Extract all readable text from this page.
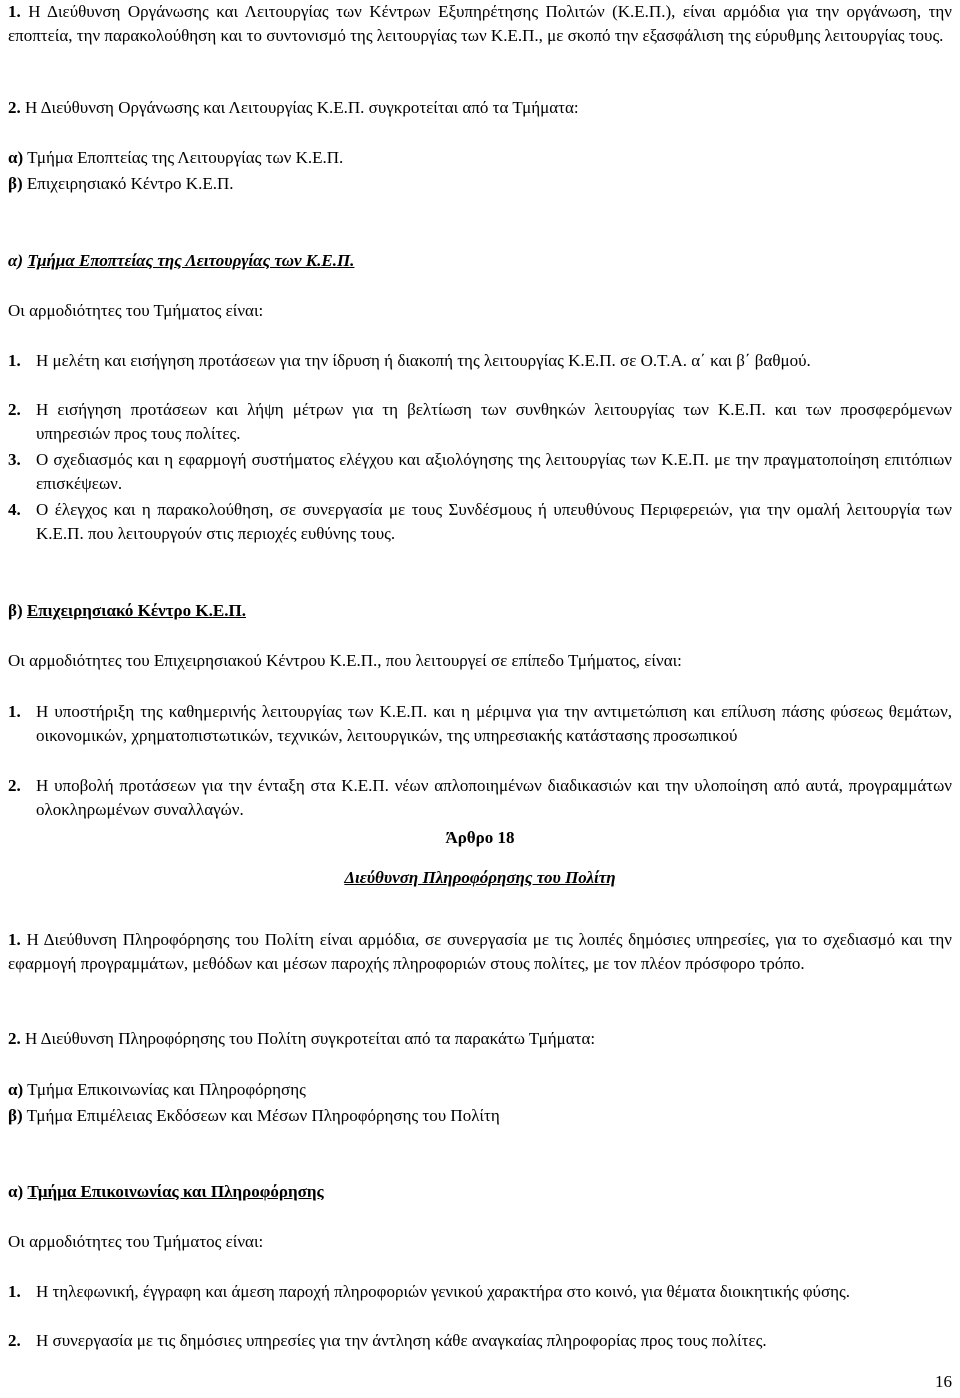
1. Η Διεύθυνση Οργάνωσης και Λειτουργίας των Κέντρων Εξυπηρέτησης Πολιτών (Κ.Ε.Π.), είναι αρμόδια για την οργάνωση, την εποπτεία, την παρακολούθηση και το συντονισμό της λειτουργίας των Κ.Ε.Π., με σκοπό την εξασφάλιση της εύρυθμης λειτουργίας τους.

2. Η Διεύθυνση Οργάνωσης και Λειτουργίας Κ.Ε.Π. συγκροτείται από τα Τμήματα:

α) Τμήμα Εποπτείας της Λειτουργίας των Κ.Ε.Π.

β) Επιχειρησιακό Κέντρο Κ.Ε.Π.

α) Τμήμα Εποπτείας της Λειτουργίας των Κ.Ε.Π.

Οι αρμοδιότητες του Τμήματος είναι:

1. Η μελέτη και εισήγηση προτάσεων για την ίδρυση ή διακοπή της λειτουργίας Κ.Ε.Π. σε Ο.Τ.Α. α΄ και β΄ βαθμού.

2. Η εισήγηση προτάσεων και λήψη μέτρων για τη βελτίωση των συνθηκών λειτουργίας των Κ.Ε.Π. και των προσφερόμενων υπηρεσιών προς τους πολίτες.

3. Ο σχεδιασμός και η εφαρμογή συστήματος ελέγχου και αξιολόγησης της λειτουργίας των Κ.Ε.Π. με την πραγματοποίηση επιτόπιων επισκέψεων.

4. Ο έλεγχος και η παρακολούθηση, σε συνεργασία με τους Συνδέσμους ή υπευθύνους Περιφερειών, για την ομαλή λειτουργία των Κ.Ε.Π. που λειτουργούν στις περιοχές ευθύνης τους.

β) Επιχειρησιακό Κέντρο Κ.Ε.Π.

Οι αρμοδιότητες του Επιχειρησιακού Κέντρου Κ.Ε.Π., που λειτουργεί σε επίπεδο Τμήματος, είναι:

1. Η υποστήριξη της καθημερινής λειτουργίας των Κ.Ε.Π. και η μέριμνα για την αντιμετώπιση και επίλυση πάσης φύσεως θεμάτων, οικονομικών, χρηματοπιστωτικών, τεχνικών, λειτουργικών, της υπηρεσιακής κατάστασης προσωπικού

2. Η υποβολή προτάσεων για την ένταξη στα Κ.Ε.Π. νέων απλοποιημένων διαδικασιών και την υλοποίηση από αυτά, προγραμμάτων ολοκληρωμένων συναλλαγών.

Άρθρο 18

Διεύθυνση Πληροφόρησης του Πολίτη

1. Η Διεύθυνση Πληροφόρησης του Πολίτη είναι αρμόδια, σε συνεργασία με τις λοιπές δημόσιες υπηρεσίες, για το σχεδιασμό και την εφαρμογή προγραμμάτων, μεθόδων και μέσων παροχής πληροφοριών στους πολίτες, με τον πλέον πρόσφορο τρόπο.

2. Η Διεύθυνση Πληροφόρησης του Πολίτη συγκροτείται από τα παρακάτω Τμήματα:

α) Τμήμα Επικοινωνίας και Πληροφόρησης

β) Τμήμα Επιμέλειας Εκδόσεων και Μέσων Πληροφόρησης του Πολίτη

α) Τμήμα Επικοινωνίας και Πληροφόρησης

Οι αρμοδιότητες του Τμήματος είναι:

1. Η τηλεφωνική, έγγραφη και άμεση παροχή πληροφοριών γενικού χαρακτήρα στο κοινό, για θέματα διοικητικής φύσης.

2. Η συνεργασία με τις δημόσιες υπηρεσίες για την άντληση κάθε αναγκαίας πληροφορίας προς τους πολίτες.

16
